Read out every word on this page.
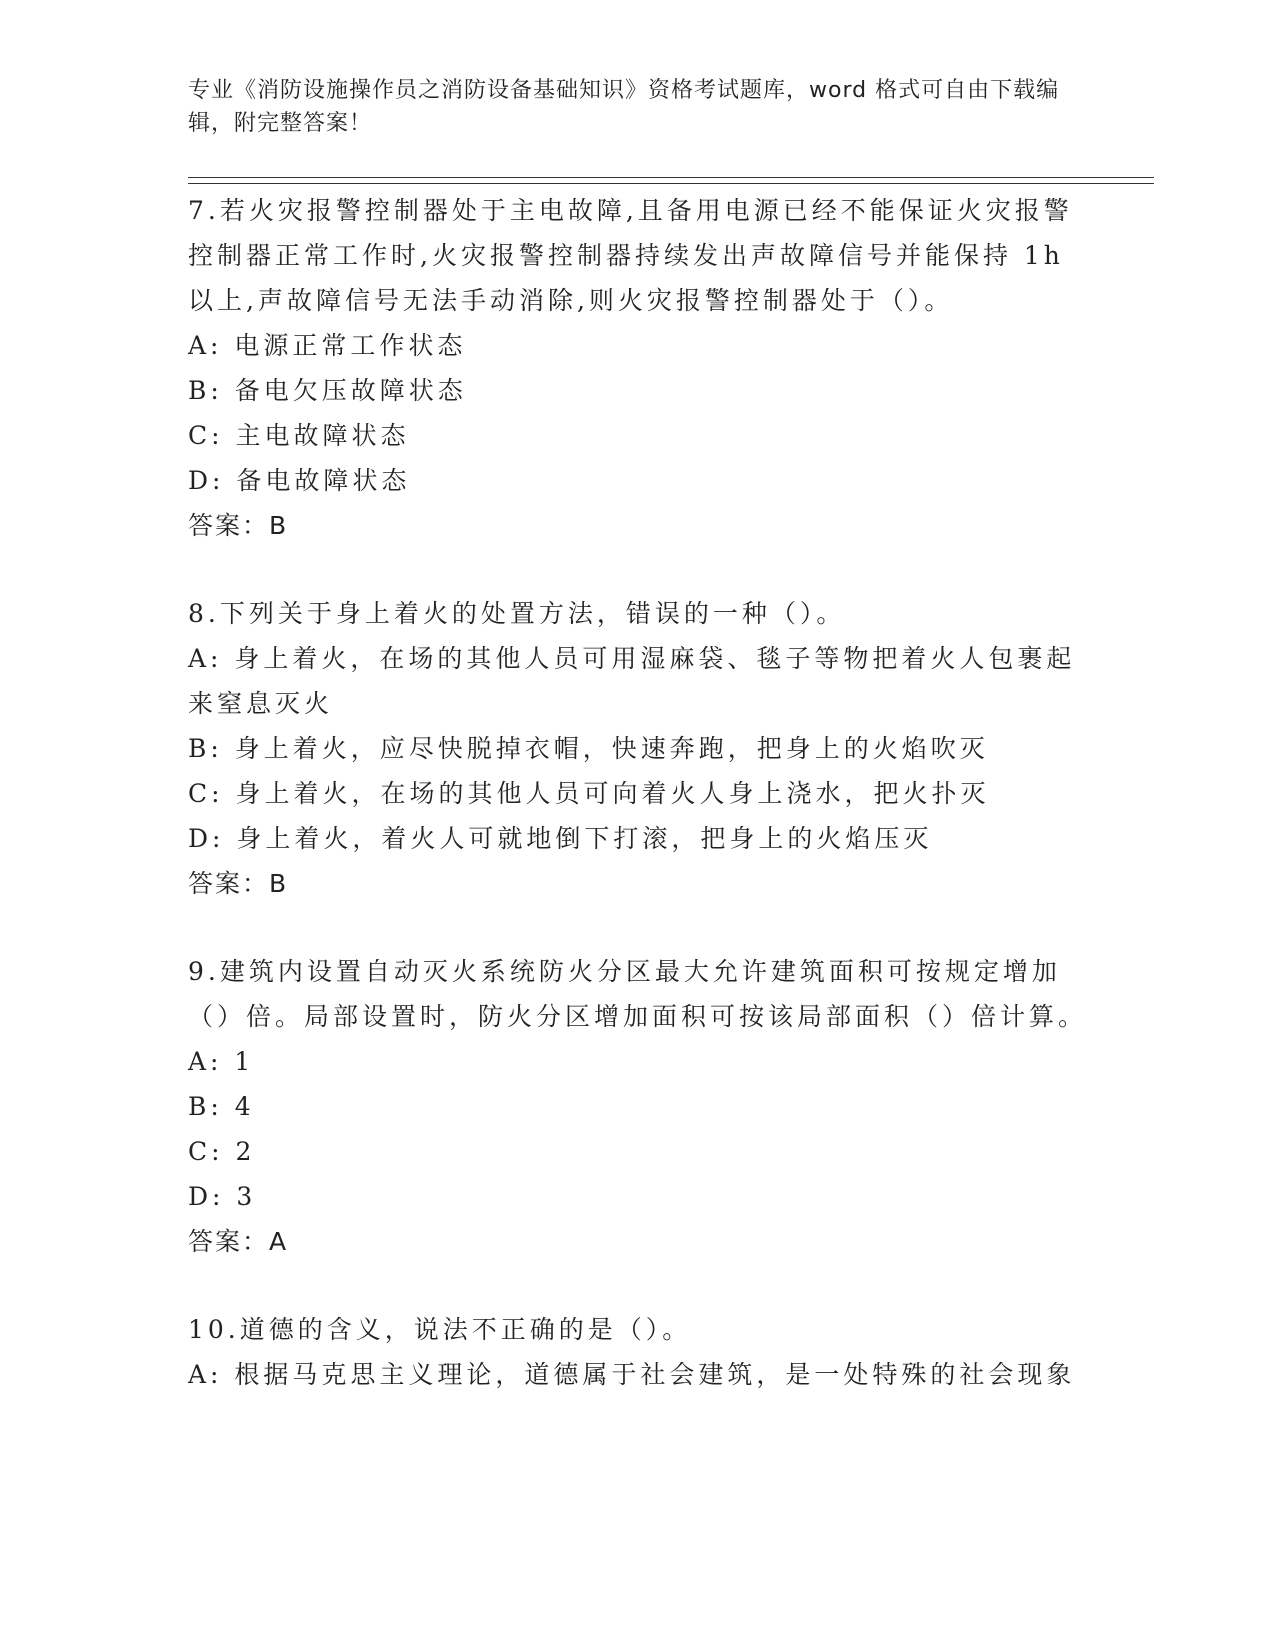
专业《消防设施操作员之消防设备基础知识》资格考试题库，word 格式可自由下载编辑，附完整答案！
7.若火灾报警控制器处于主电故障,且备用电源已经不能保证火灾报警控制器正常工作时,火灾报警控制器持续发出声故障信号并能保持 1h 以上,声故障信号无法手动消除,则火灾报警控制器处于（）。
A: 电源正常工作状态
B: 备电欠压故障状态
C: 主电故障状态
D: 备电故障状态
答案：B
8.下列关于身上着火的处置方法，错误的一种（）。
A: 身上着火，在场的其他人员可用湿麻袋、毯子等物把着火人包裹起来窒息灭火
B: 身上着火，应尽快脱掉衣帽，快速奔跑，把身上的火焰吹灭
C: 身上着火，在场的其他人员可向着火人身上浇水，把火扑灭
D: 身上着火，着火人可就地倒下打滚，把身上的火焰压灭
答案：B
9.建筑内设置自动灭火系统防火分区最大允许建筑面积可按规定增加（）倍。局部设置时，防火分区增加面积可按该局部面积（）倍计算。
A: 1
B: 4
C: 2
D: 3
答案：A
10.道德的含义，说法不正确的是（）。
A: 根据马克思主义理论，道德属于社会建筑，是一处特殊的社会现象
